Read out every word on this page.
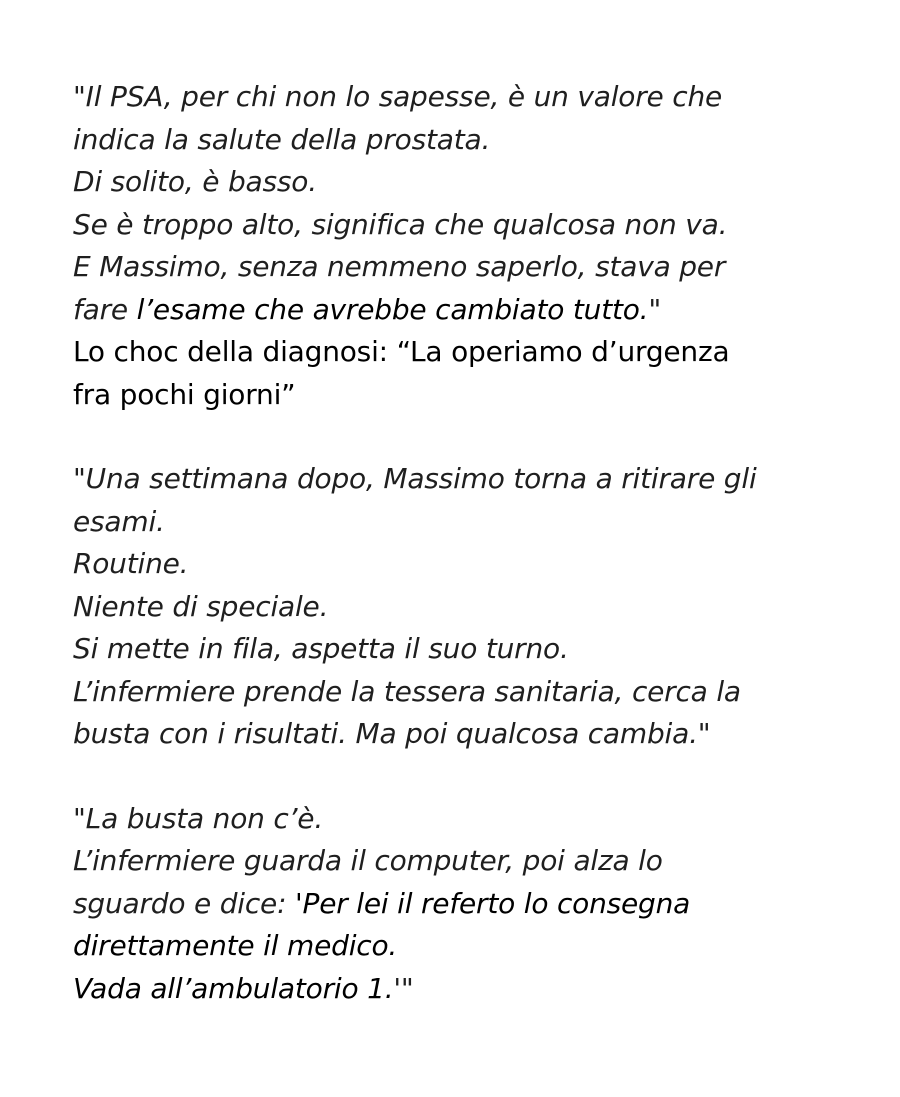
"Il PSA, per chi non lo sapesse, è un valore che
indica la salute della prostata.
Di solito, è basso.
Se è troppo alto, significa che qualcosa non va.
E Massimo, senza nemmeno saperlo, stava per
fare l’esame che avrebbe cambiato tutto."
Lo choc della diagnosi: “La operiamo d’urgenza
fra pochi giorni”
"Una settimana dopo, Massimo torna a ritirare gli
esami.
Routine.
Niente di speciale.
Si mette in fila, aspetta il suo turno.
L’infermiere prende la tessera sanitaria, cerca la
busta con i risultati. Ma poi qualcosa cambia."
"La busta non c’è.
L’infermiere guarda il computer, poi alza lo
sguardo e dice: 'Per lei il referto lo consegna
direttamente il medico.
Vada all’ambulatorio 1.'"
